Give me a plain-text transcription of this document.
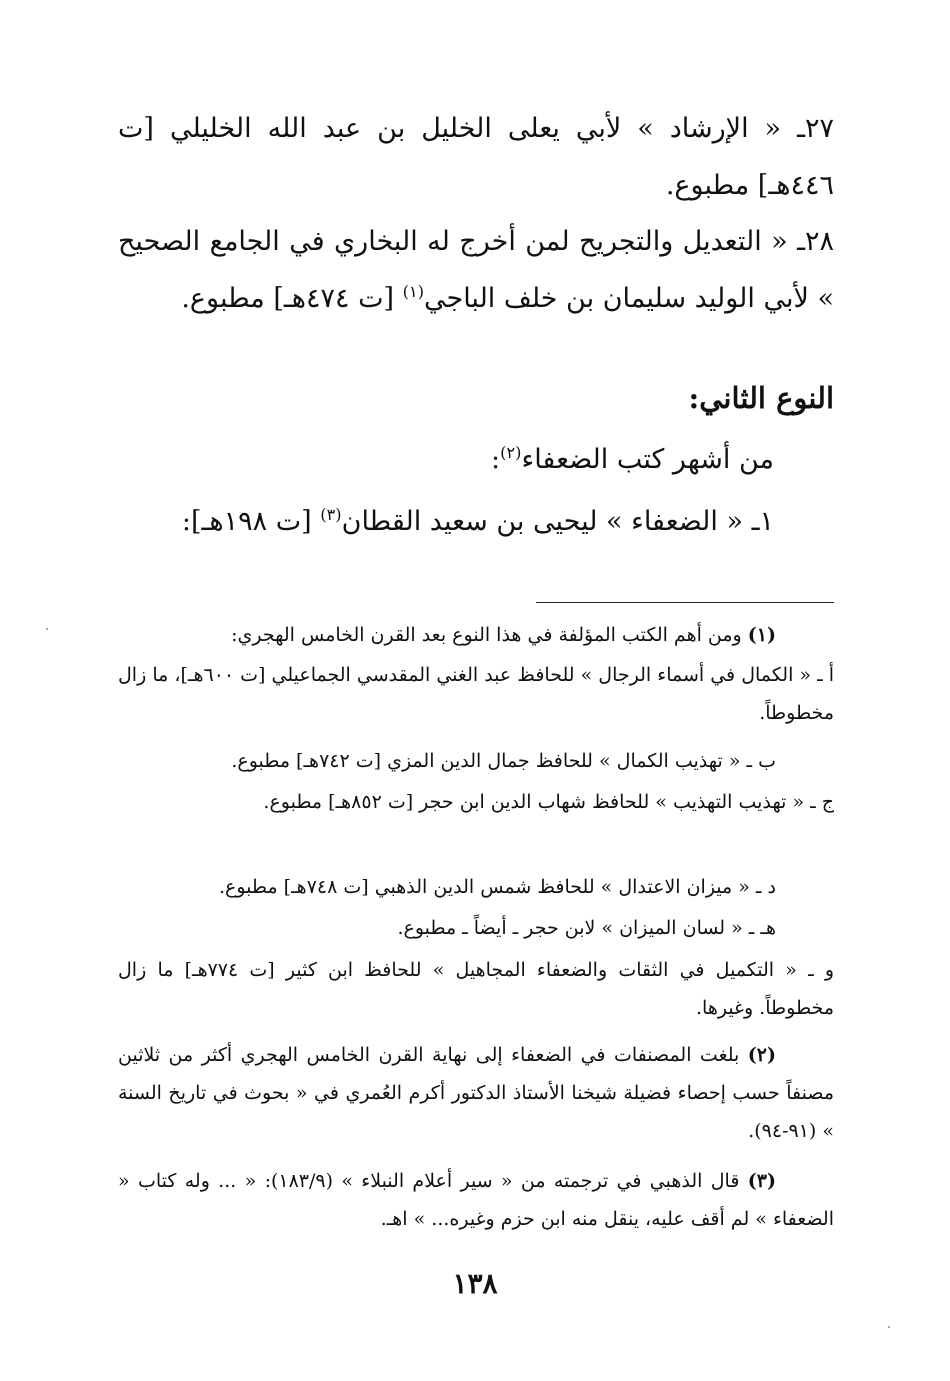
٢٧ـ « الإرشاد » لأبي يعلى الخليل بن عبد الله الخليلي [ت ٤٤٦هـ] مطبوع.
٢٨ـ « التعديل والتجريح لمن أخرج له البخاري في الجامع الصحيح » لأبي الوليد سليمان بن خلف الباجي$^{(١)}$ [ت ٤٧٤هـ] مطبوع.
النوع الثاني:
من أشهر كتب الضعفاء$^{(٢)}$:
١ـ « الضعفاء » ليحيى بن سعيد القطان$^{(٣)}$ [ت ١٩٨هـ]:
(١) ومن أهم الكتب المؤلفة في هذا النوع بعد القرن الخامس الهجري:
أ ـ « الكمال في أسماء الرجال » للحافظ عبد الغني المقدسي الجماعيلي [ت ٦٠٠هـ]، ما زال مخطوطاً.
ب ـ « تهذيب الكمال » للحافظ جمال الدين المزي [ت ٧٤٢هـ] مطبوع.
ج ـ « تهذيب التهذيب » للحافظ شهاب الدين ابن حجر [ت ٨٥٢هـ] مطبوع.
د ـ « ميزان الاعتدال » للحافظ شمس الدين الذهبي [ت ٧٤٨هـ] مطبوع.
هـ ـ « لسان الميزان » لابن حجر ـ أيضاً ـ مطبوع.
و ـ « التكميل في الثقات والضعفاء المجاهيل » للحافظ ابن كثير [ت ٧٧٤هـ] ما زال مخطوطاً. وغيرها.
(٢) بلغت المصنفات في الضعفاء إلى نهاية القرن الخامس الهجري أكثر من ثلاثين مصنفاً حسب إحصاء فضيلة شيخنا الأستاذ الدكتور أكرم العُمري في « بحوث في تاريخ السنة » (٩١-٩٤).
(٣) قال الذهبي في ترجمته من « سير أعلام النبلاء » (١٨٣/٩): « ... وله كتاب « الضعفاء » لم أقف عليه، ينقل منه ابن حزم وغيره... » اهـ.
١٣٨
